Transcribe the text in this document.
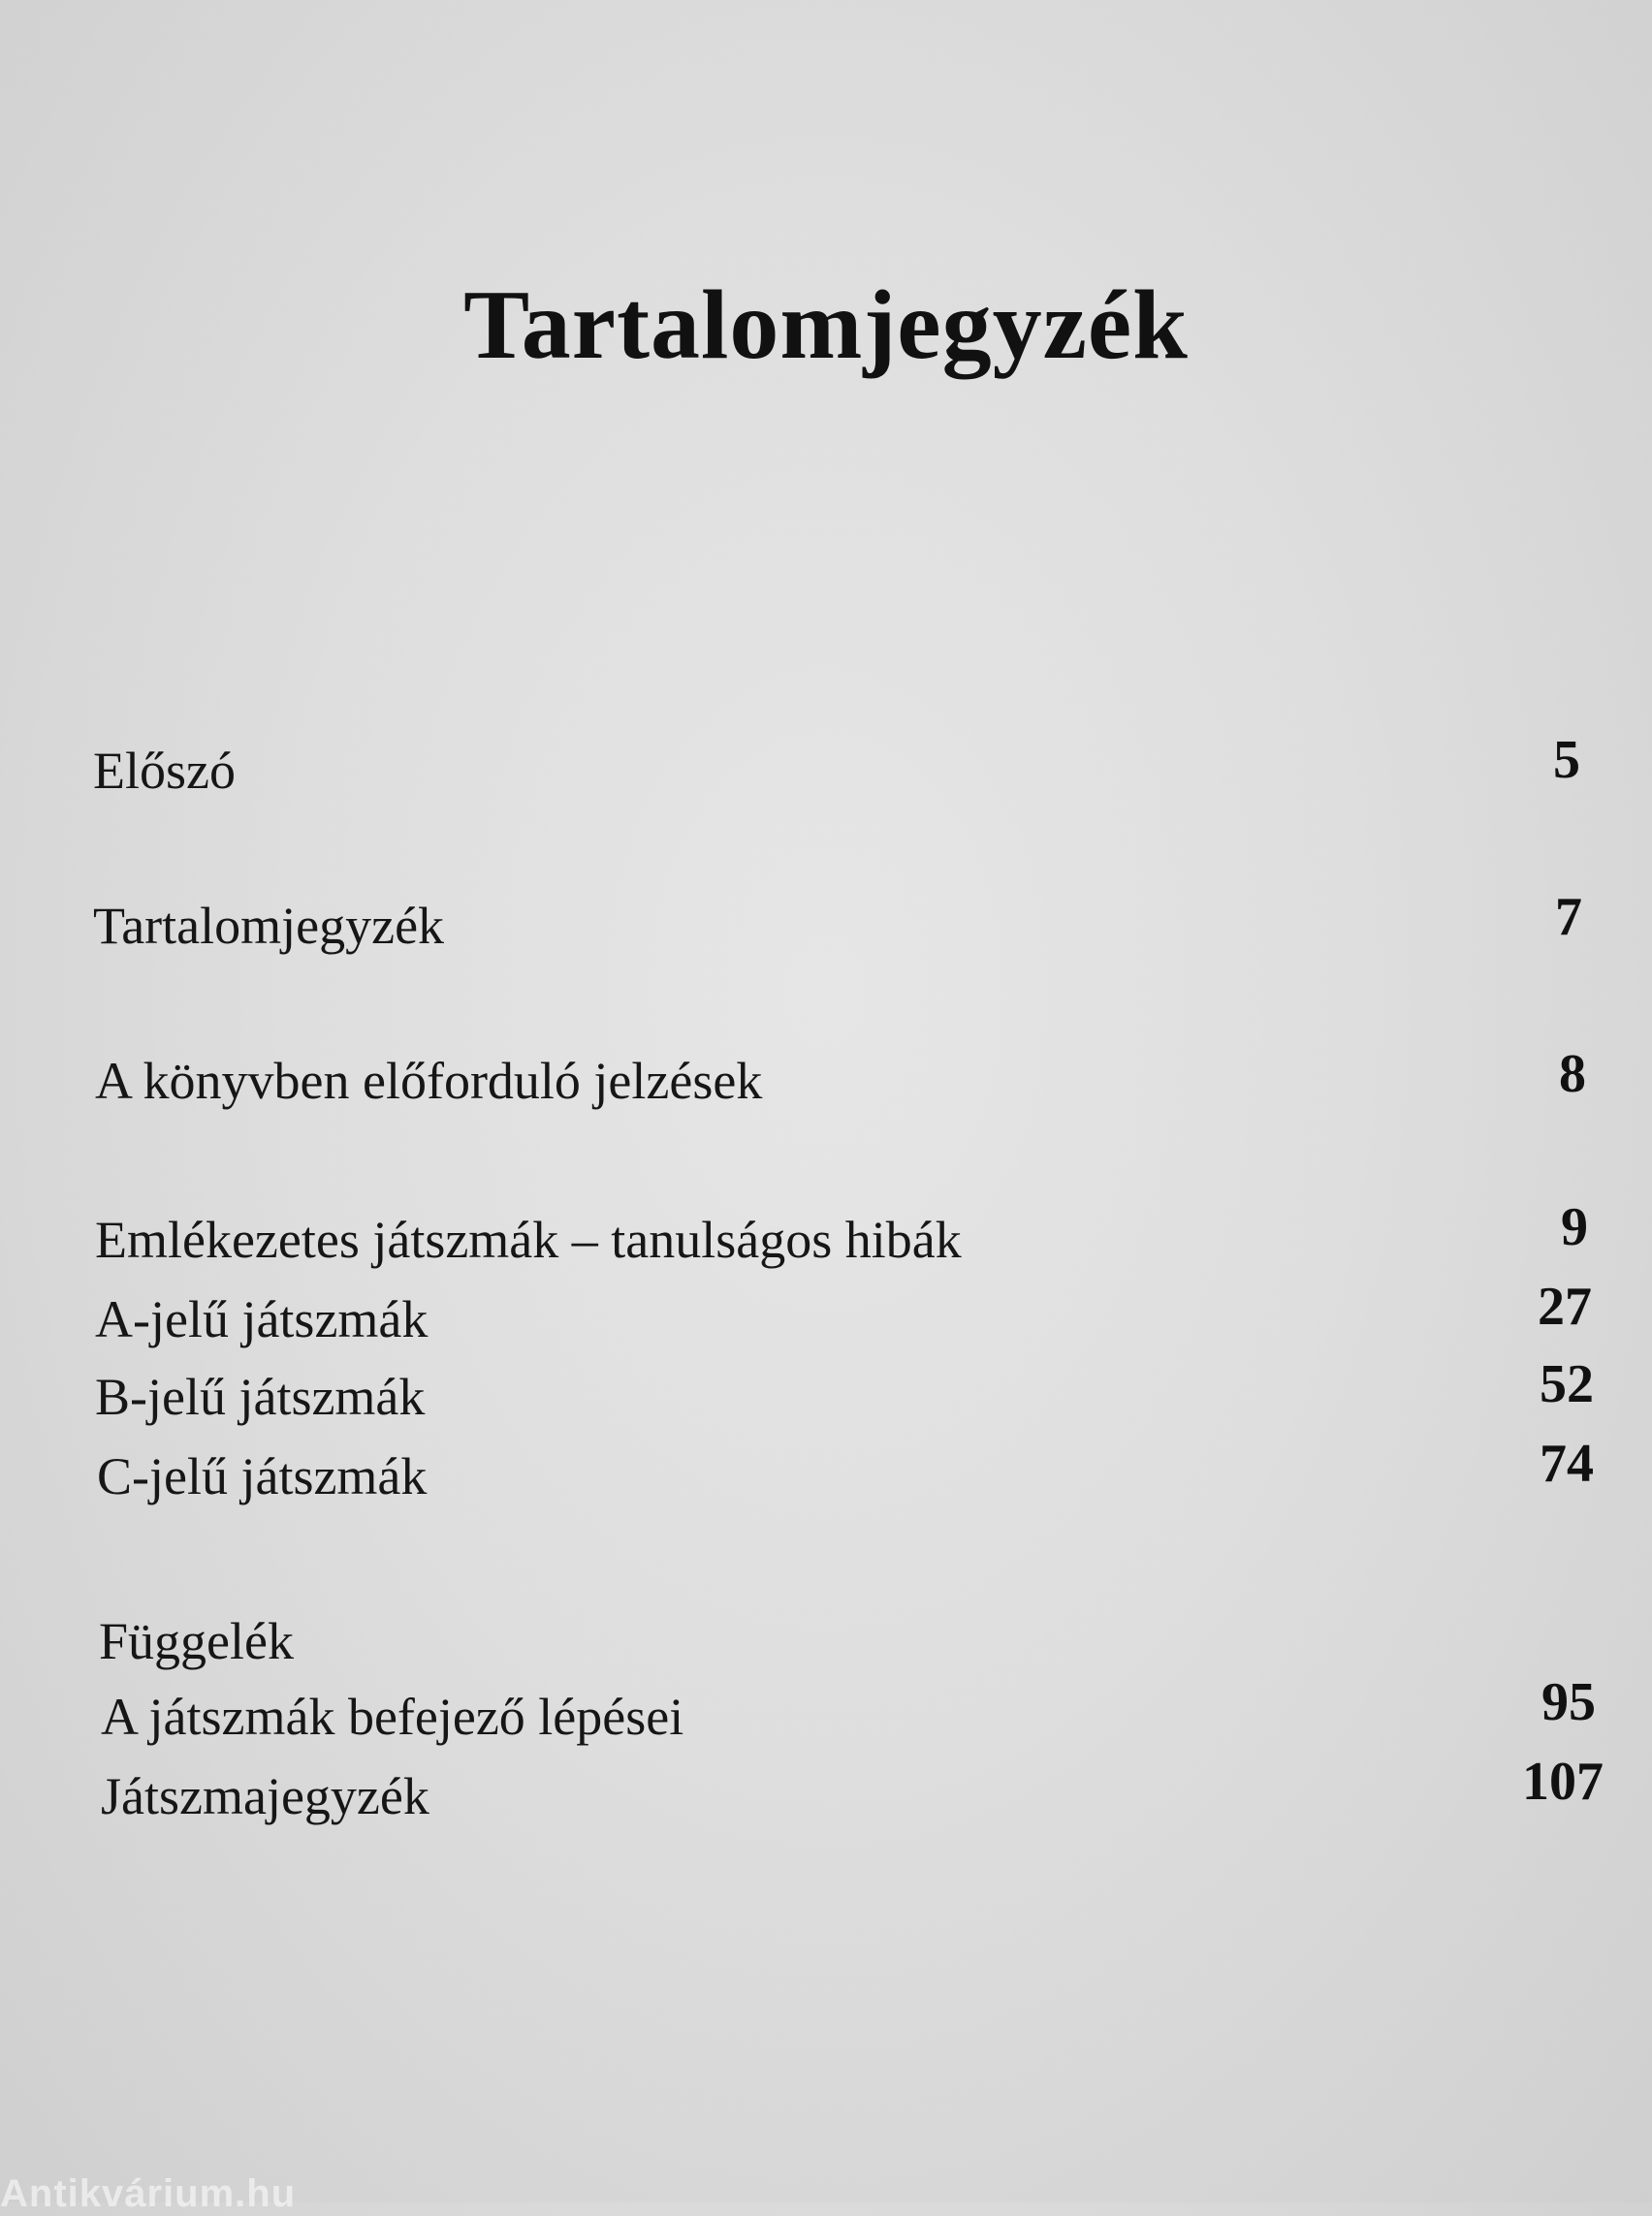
Tartalomjegyzék
Előszó	5
Tartalomjegyzék	7
A könyvben előforduló jelzések	8
Emlékezetes játszmák – tanulságos hibák	9
A-jelű játszmák	27
B-jelű játszmák	52
C-jelű játszmák	74
Függelék
A játszmák befejező lépései	95
Játszmajegyzék	107
Antikvárium.hu
